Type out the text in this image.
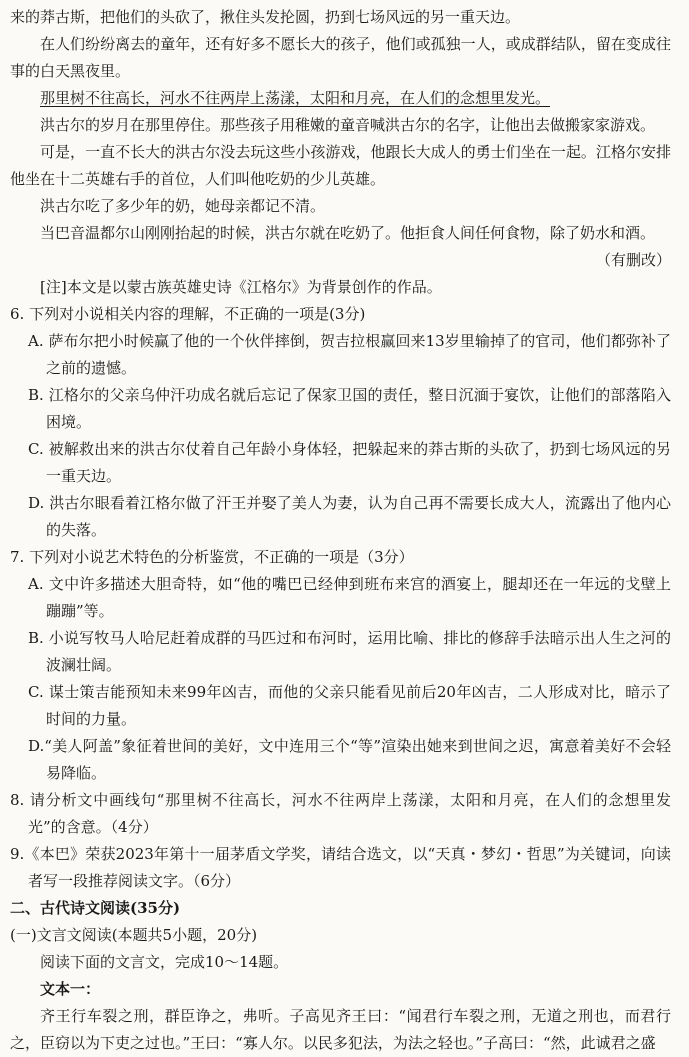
来的莽古斯，把他们的头砍了，揪住头发抡圆，扔到七场风远的另一重天边。

在人们纷纷离去的童年，还有好多不愿长大的孩子，他们或孤独一人，或成群结队，留在变成往事的白天黑夜里。

那里树不往高长，河水不往两岸上荡漾，太阳和月亮，在人们的念想里发光。

洪古尔的岁月在那里停住。那些孩子用稚嫩的童音喊洪古尔的名字，让他出去做搬家家游戏。

可是，一直不长大的洪古尔没去玩这些小孩游戏，他跟长大成人的勇士们坐在一起。江格尔安排他坐在十二英雄右手的首位，人们叫他吃奶的少儿英雄。

洪古尔吃了多少年的奶，她母亲都记不清。

当巴音温都尔山刚刚抬起的时候，洪古尔就在吃奶了。他拒食人间任何食物，除了奶水和酒。

（有删改）

[注]本文是以蒙古族英雄史诗《江格尔》为背景创作的作品。

6. 下列对小说相关内容的理解，不正确的一项是(3分)

A. 萨布尔把小时候赢了他的一个伙伴摔倒，贺吉拉根赢回来13岁里输掉了的官司，他们都弥补了之前的遗憾。

B. 江格尔的父亲乌仲汗功成名就后忘记了保家卫国的责任，整日沉湎于宴饮，让他们的部落陷入困境。

C. 被解救出来的洪古尔仗着自己年龄小身体轻，把躲起来的莽古斯的头砍了，扔到七场风远的另一重天边。

D. 洪古尔眼看着江格尔做了汗王并娶了美人为妻，认为自己再不需要长成大人，流露出了他内心的失落。

7. 下列对小说艺术特色的分析鉴赏，不正确的一项是（3分）

A. 文中许多描述大胆奇特，如“他的嘴巴已经伸到班布来宫的酒宴上，腿却还在一年远的戈壁上蹦蹦”等。

B. 小说写牧马人哈尼赶着成群的马匹过和布河时，运用比喻、排比的修辞手法暗示出人生之河的波澜壮阔。

C. 谋士策吉能预知未来99年凶吉，而他的父亲只能看见前后20年凶吉，二人形成对比，暗示了时间的力量。

D.“美人阿盖”象征着世间的美好，文中连用三个“等”渲染出她来到世间之迟，寓意着美好不会轻易降临。

8. 请分析文中画线句“那里树不往高长，河水不往两岸上荡漾，太阳和月亮，在人们的念想里发光”的含意。（4分）

9.《本巴》荣获2023年第十一届茅盾文学奖，请结合选文，以“天真・梦幻・哲思”为关键词，向读者写一段推荐阅读文字。（6分）

二、古代诗文阅读(35分)

(一)文言文阅读(本题共5小题，20分)

阅读下面的文言文，完成10～14题。

文本一：

齐王行车裂之刑，群臣诤之，弗听。子高见齐王曰：“闻君行车裂之刑，无道之刑也，而君行之，臣窃以为下吏之过也。”王曰：“寡人尔。以民多犯法，为法之轻也。”子高曰：“然，此诚君之盛
